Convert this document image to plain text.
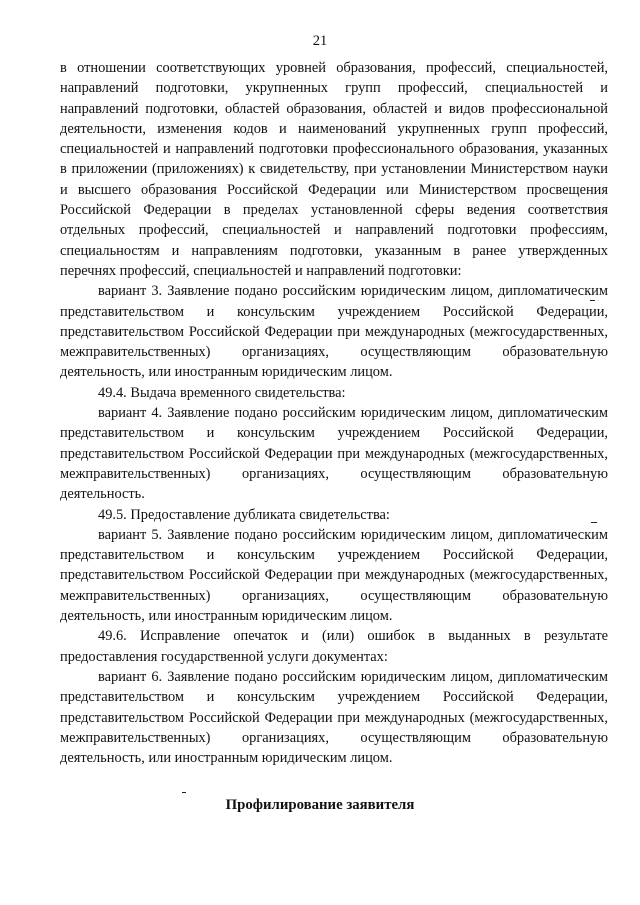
21

в отношении соответствующих уровней образования, профессий, специальностей, направлений подготовки, укрупненных групп профессий, специальностей и направлений подготовки, областей образования, областей и видов профессиональной деятельности, изменения кодов и наименований укрупненных групп профессий, специальностей и направлений подготовки профессионального образования, указанных в приложении (приложениях) к свидетельству, при установлении Министерством науки и высшего образования Российской Федерации или Министерством просвещения Российской Федерации в пределах установленной сферы ведения соответствия отдельных профессий, специальностей и направлений подготовки профессиям, специальностям и направлениям подготовки, указанным в ранее утвержденных перечнях профессий, специальностей и направлений подготовки:

вариант 3. Заявление подано российским юридическим лицом, дипломатическим представительством и консульским учреждением Российской Федерации, представительством Российской Федерации при международных (межгосударственных, межправительственных) организациях, осуществляющим образовательную деятельность, или иностранным юридическим лицом.

49.4. Выдача временного свидетельства:

вариант 4. Заявление подано российским юридическим лицом, дипломатическим представительством и консульским учреждением Российской Федерации, представительством Российской Федерации при международных (межгосударственных, межправительственных) организациях, осуществляющим образовательную деятельность.

49.5. Предоставление дубликата свидетельства:

вариант 5. Заявление подано российским юридическим лицом, дипломатическим представительством и консульским учреждением Российской Федерации, представительством Российской Федерации при международных (межгосударственных, межправительственных) организациях, осуществляющим образовательную деятельность, или иностранным юридическим лицом.

49.6. Исправление опечаток и (или) ошибок в выданных в результате предоставления государственной услуги документах:

вариант 6. Заявление подано российским юридическим лицом, дипломатическим представительством и консульским учреждением Российской Федерации, представительством Российской Федерации при международных (межгосударственных, межправительственных) организациях, осуществляющим образовательную деятельность, или иностранным юридическим лицом.

Профилирование заявителя
